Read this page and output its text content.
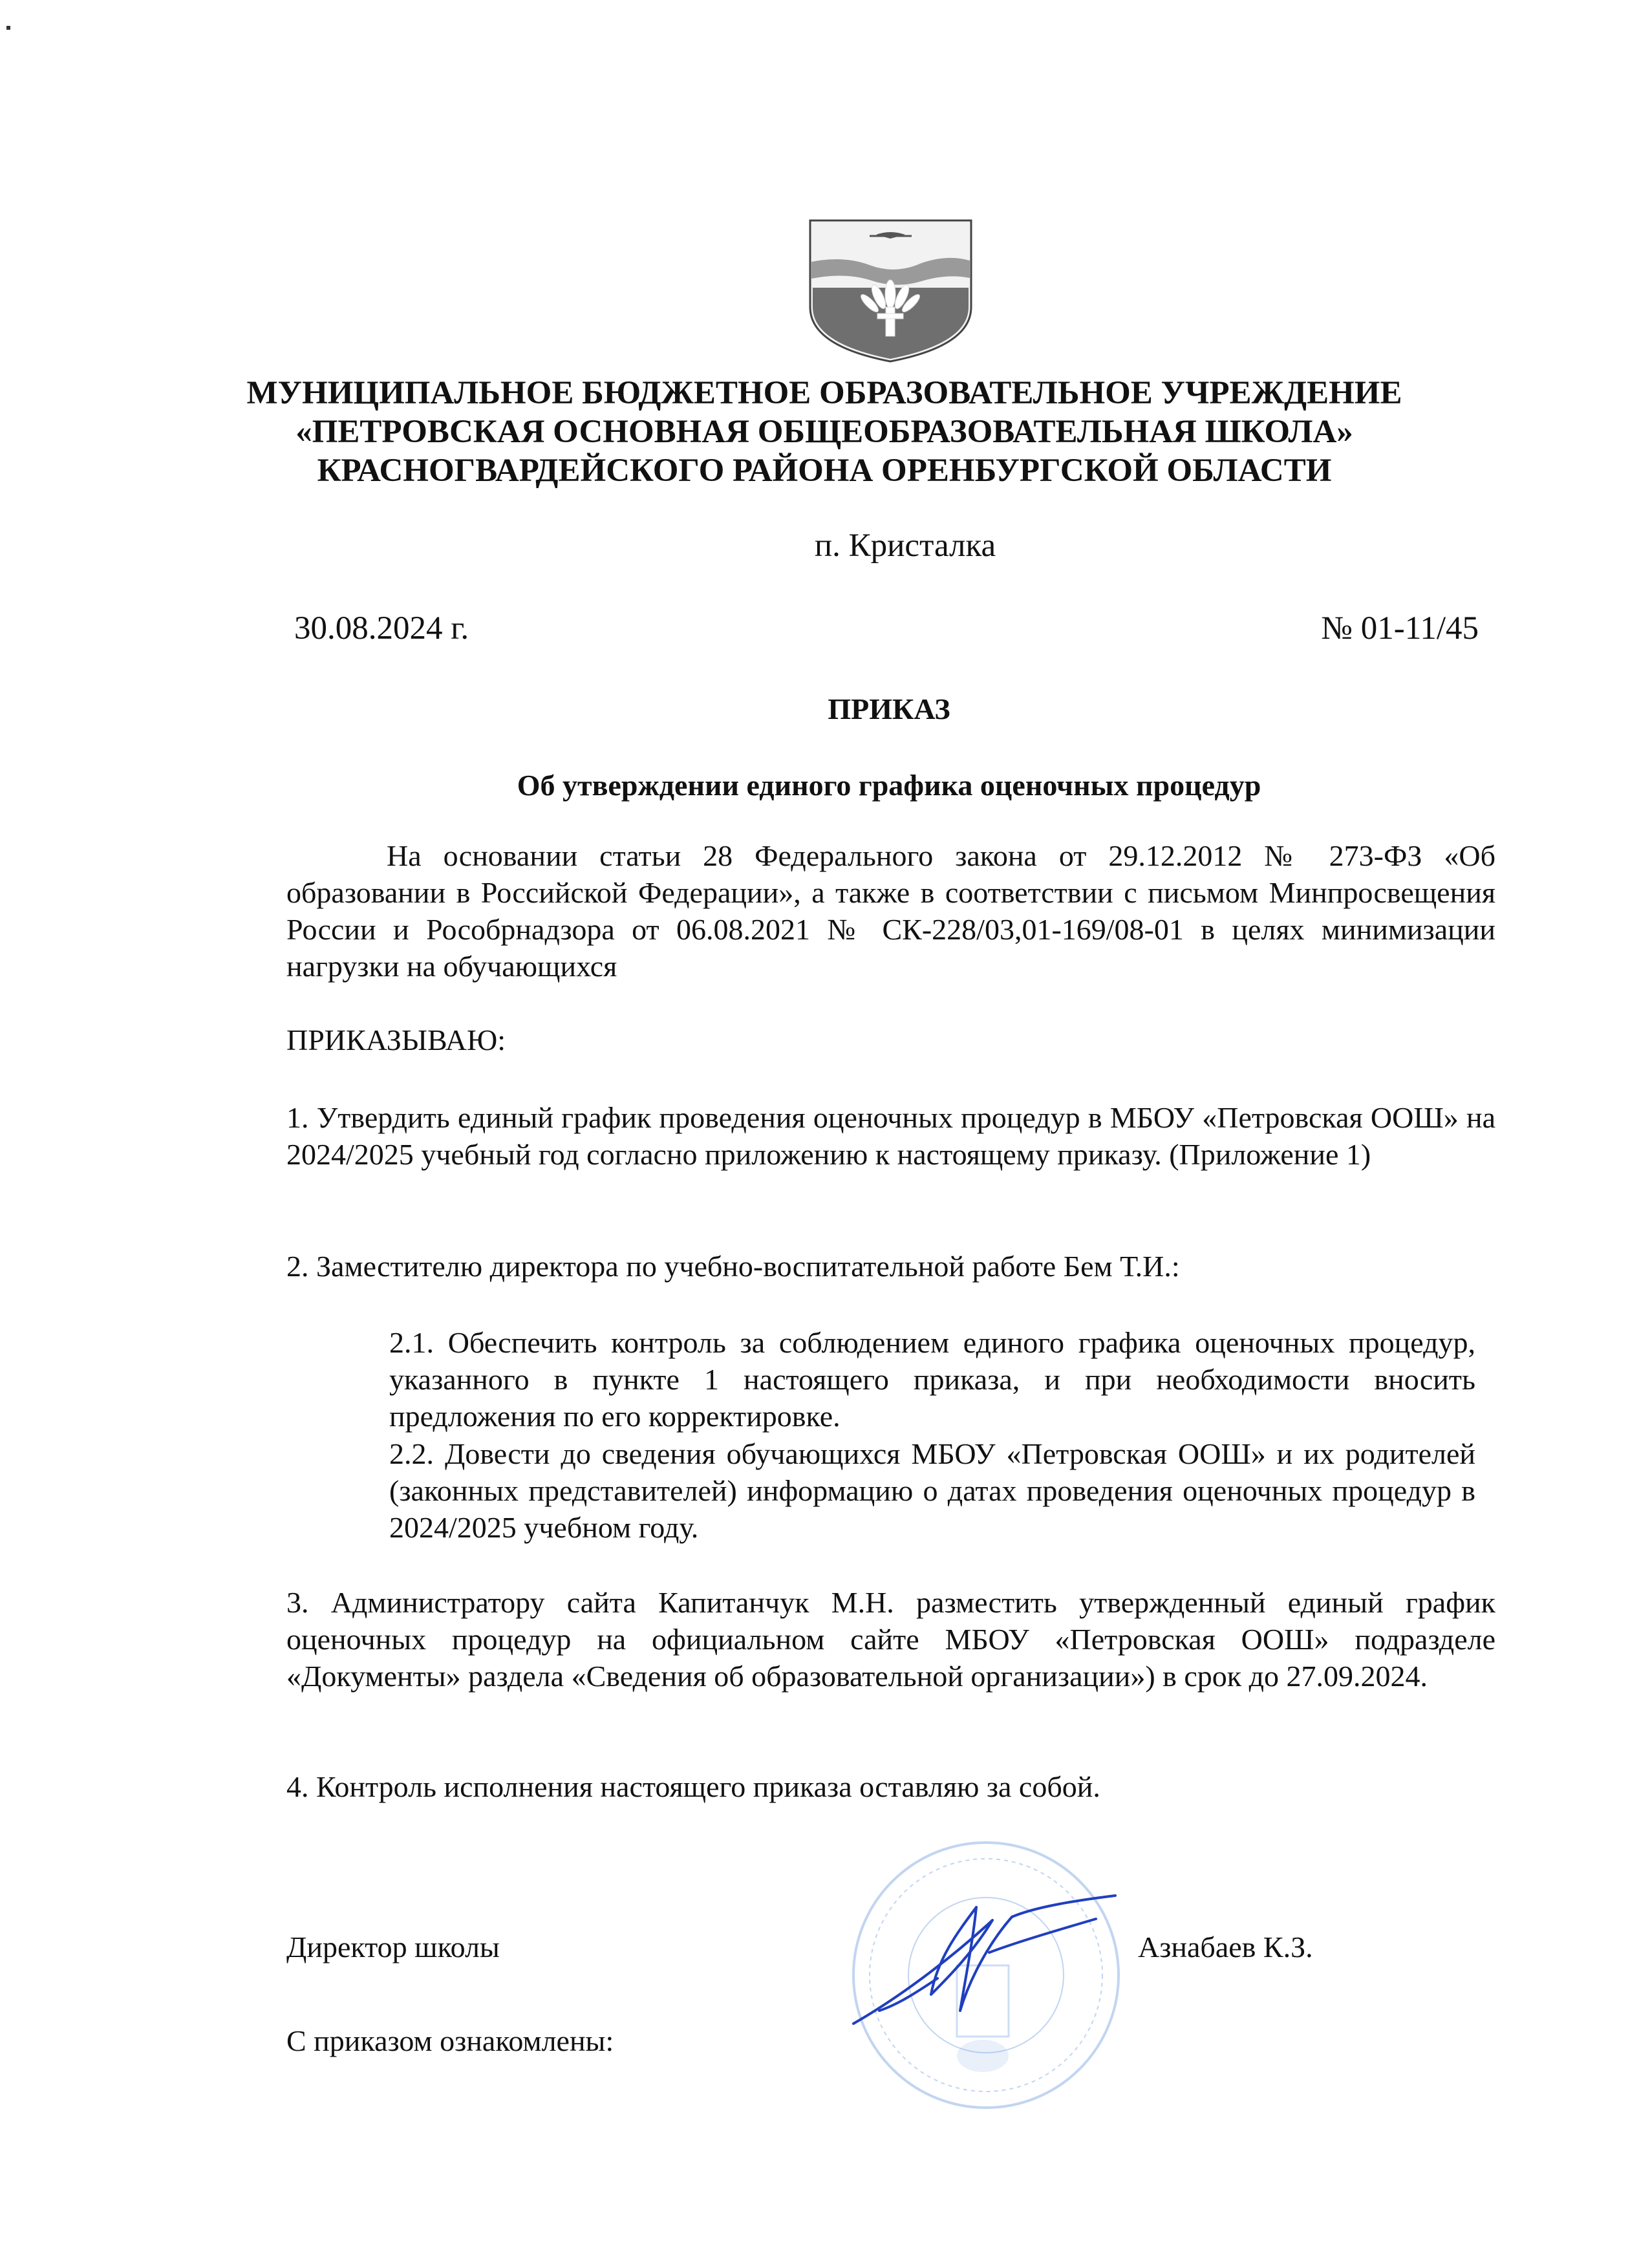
МУНИЦИПАЛЬНОЕ БЮДЖЕТНОЕ ОБРАЗОВАТЕЛЬНОЕ УЧРЕЖДЕНИЕ
«ПЕТРОВСКАЯ ОСНОВНАЯ ОБЩЕОБРАЗОВАТЕЛЬНАЯ ШКОЛА»
КРАСНОГВАРДЕЙСКОГО РАЙОНА ОРЕНБУРГСКОЙ ОБЛАСТИ
п. Кристалка
30.08.2024 г.	№ 01-11/45
ПРИКАЗ
Об утверждении единого графика оценочных процедур
На основании статьи 28 Федерального закона от 29.12.2012 № 273-ФЗ «Об образовании в Российской Федерации», а также в соответствии с письмом Минпросвещения России и Рособрнадзора от 06.08.2021 № СК-228/03,01-169/08-01 в целях минимизации нагрузки на обучающихся
ПРИКАЗЫВАЮ:
1. Утвердить единый график проведения оценочных процедур в МБОУ «Петровская ООШ» на 2024/2025 учебный год согласно приложению к настоящему приказу. (Приложение 1)
2. Заместителю директора по учебно-воспитательной работе Бем Т.И.:
2.1. Обеспечить контроль за соблюдением единого графика оценочных процедур, указанного в пункте 1 настоящего приказа, и при необходимости вносить предложения по его корректировке.
2.2. Довести до сведения обучающихся МБОУ «Петровская ООШ» и их родителей (законных представителей) информацию о датах проведения оценочных процедур в 2024/2025 учебном году.
3. Администратору сайта Капитанчук М.Н. разместить утвержденный единый график оценочных процедур на официальном сайте МБОУ «Петровская ООШ» подразделе «Документы» раздела «Сведения об образовательной организации») в срок до 27.09.2024.
4. Контроль исполнения настоящего приказа оставляю за собой.
Директор школы	Азнабаев К.З.
С приказом ознакомлены:
